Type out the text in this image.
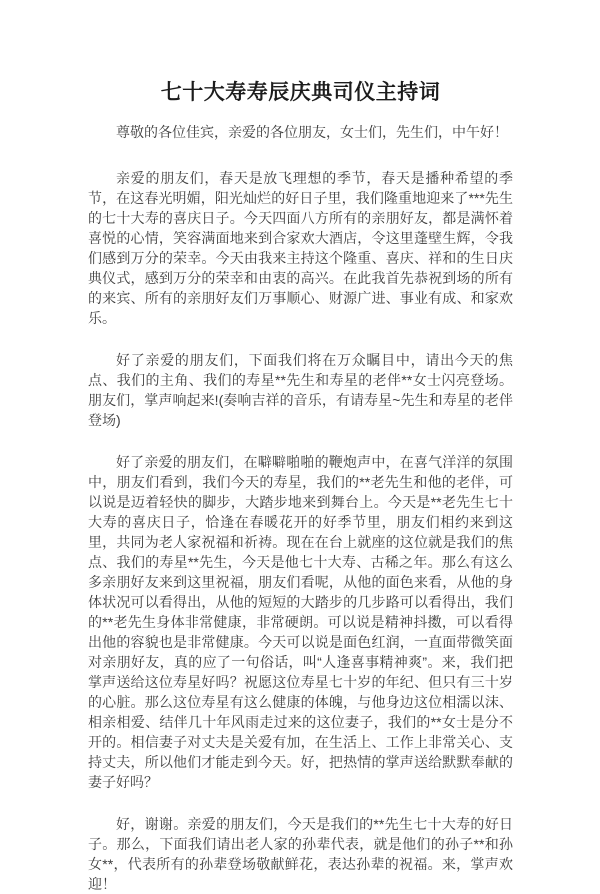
七十大寿寿辰庆典司仪主持词

尊敬的各位佳宾，亲爱的各位朋友，女士们，先生们，中午好！

亲爱的朋友们，春天是放飞理想的季节，春天是播种希望的季节，在这春光明媚，阳光灿烂的好日子里，我们隆重地迎来了***先生的七十大寿的喜庆日子。今天四面八方所有的亲朋好友，都是满怀着喜悦的心情，笑容满面地来到合家欢大酒店，令这里蓬壁生辉，令我们感到万分的荣幸。今天由我来主持这个隆重、喜庆、祥和的生日庆典仪式，感到万分的荣幸和由衷的高兴。在此我首先恭祝到场的所有的来宾、所有的亲朋好友们万事顺心、财源广进、事业有成、和家欢乐。

好了亲爱的朋友们，下面我们将在万众瞩目中，请出今天的焦点、我们的主角、我们的寿星**先生和寿星的老伴**女士闪亮登场。朋友们，掌声响起来!(奏响吉祥的音乐，有请寿星~先生和寿星的老伴登场)

好了亲爱的朋友们，在噼噼啪啪的鞭炮声中，在喜气洋洋的氛围中，朋友们看到，我们今天的寿星，我们的**老先生和他的老伴，可以说是迈着轻快的脚步，大踏步地来到舞台上。今天是**老先生七十大寿的喜庆日子，恰逢在春暖花开的好季节里，朋友们相约来到这里，共同为老人家祝福和祈祷。现在在台上就座的这位就是我们的焦点、我们的寿星**先生，今天是他七十大寿、古稀之年。那么有这么多亲朋好友来到这里祝福，朋友们看呢，从他的面色来看，从他的身体状况可以看得出，从他的短短的大踏步的几步路可以看得出，我们的**老先生身体非常健康，非常硬朗。可以说是精神抖擞，可以看得出他的容貌也是非常健康。今天可以说是面色红润，一直面带微笑面对亲朋好友，真的应了一句俗话，叫“人逢喜事精神爽”。来，我们把掌声送给这位寿星好吗？祝愿这位寿星七十岁的年纪、但只有三十岁的心脏。那么这位寿星有这么健康的体魄，与他身边这位相濡以沫、相亲相爱、结伴几十年风雨走过来的这位妻子，我们的**女士是分不开的。相信妻子对丈夫是关爱有加，在生活上、工作上非常关心、支持丈夫，所以他们才能走到今天。好，把热情的掌声送给默默奉献的妻子好吗？

好，谢谢。亲爱的朋友们，今天是我们的**先生七十大寿的好日子。那么，下面我们请出老人家的孙辈代表，就是他们的孙子**和孙女**，代表所有的孙辈登场敬献鲜花，表达孙辈的祝福。来，掌声欢迎！
